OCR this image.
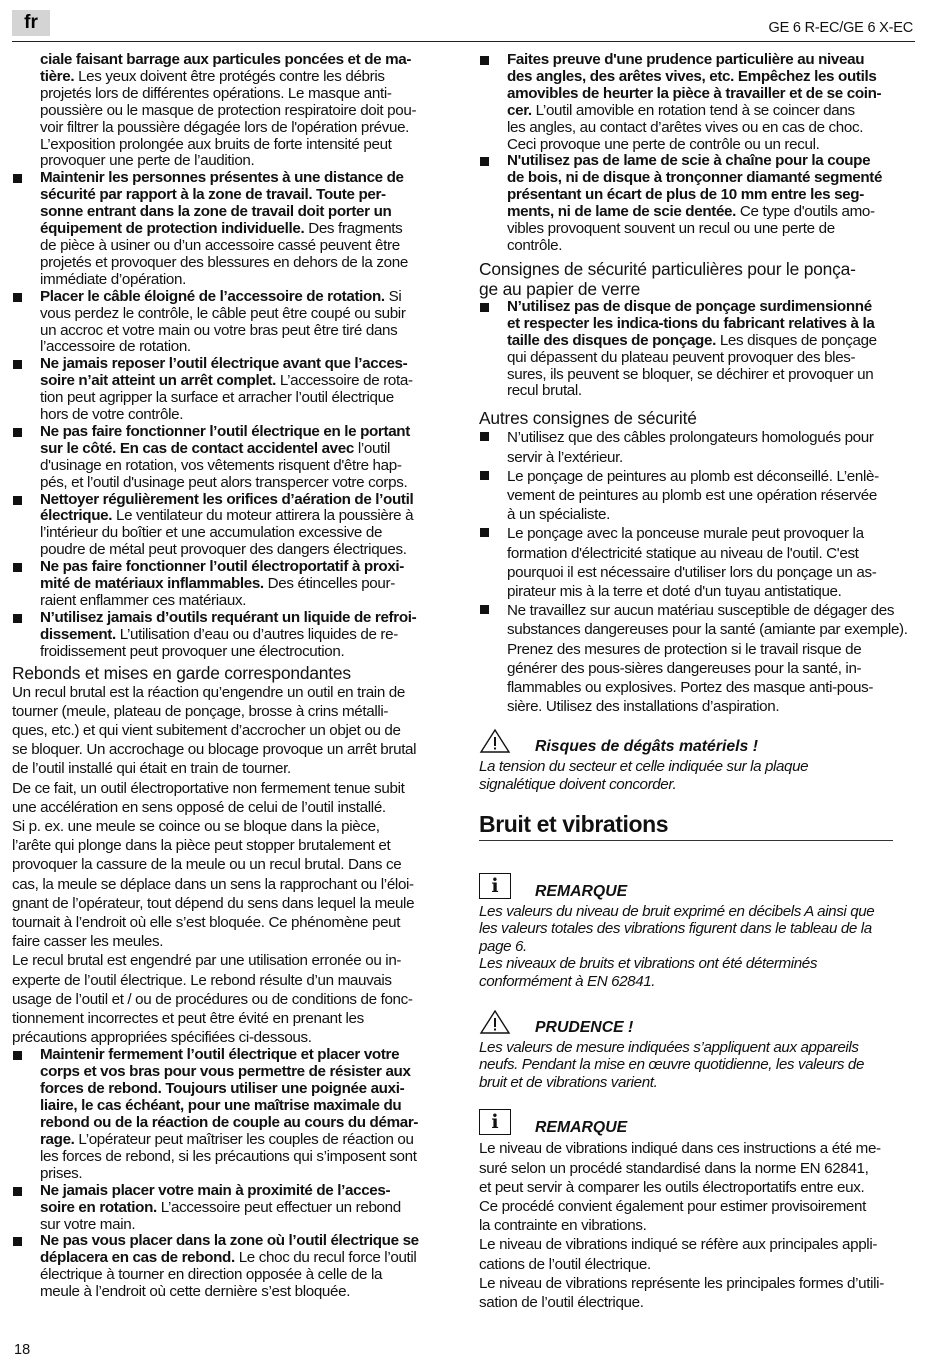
fr	GE 6 R-EC/GE 6 X-EC
ciale faisant barrage aux particules poncées et de ma-
tière. Les yeux doivent être protégés contre les débris
projetés lors de différentes opérations. Le masque anti-
poussière ou le masque de protection respiratoire doit pou-
voir filtrer la poussière dégagée lors de l'opération prévue.
L’exposition prolongée aux bruits de forte intensité peut
provoquer une perte de l’audition.
Maintenir les personnes présentes à une distance de
sécurité par rapport à la zone de travail. Toute per-
sonne entrant dans la zone de travail doit porter un
équipement de protection individuelle. Des fragments
de pièce à usiner ou d’un accessoire cassé peuvent être
projetés et provoquer des blessures en dehors de la zone
immédiate d’opération.
Placer le câble éloigné de l’accessoire de rotation. Si
vous perdez le contrôle, le câble peut être coupé ou subir
un accroc et votre main ou votre bras peut être tiré dans
l’accessoire de rotation.
Ne jamais reposer l’outil électrique avant que l’acces-
soire n’ait atteint un arrêt complet. L’accessoire de rota-
tion peut agripper la surface et arracher l’outil électrique
hors de votre contrôle.
Ne pas faire fonctionner l’outil électrique en le portant
sur le côté. En cas de contact accidentel avec l’outil
d'usinage en rotation, vos vêtements risquent d'être hap-
pés, et l’outil d'usinage peut alors transpercer votre corps.
Nettoyer régulièrement les orifices d’aération de l’outil
électrique. Le ventilateur du moteur attirera la poussière à
l’intérieur du boîtier et une accumulation excessive de
poudre de métal peut provoquer des dangers électriques.
Ne pas faire fonctionner l’outil électroportatif à proxi-
mité de matériaux inflammables. Des étincelles pour-
raient enflammer ces matériaux.
N’utilisez jamais d’outils requérant un liquide de refroi-
dissement. L’utilisation d’eau ou d’autres liquides de re-
froidissement peut provoquer une électrocution.
Rebonds et mises en garde correspondantes
Un recul brutal est la réaction qu’engendre un outil en train de
tourner (meule, plateau de ponçage, brosse à crins métalli-
ques, etc.) et qui vient subitement d’accrocher un objet ou de
se bloquer. Un accrochage ou blocage provoque un arrêt brutal
de l’outil installé qui était en train de tourner.
De ce fait, un outil électroportative non fermement tenue subit
une accélération en sens opposé de celui de l’outil installé.
Si p. ex. une meule se coince ou se bloque dans la pièce,
l’arête qui plonge dans la pièce peut stopper brutalement et
provoquer la cassure de la meule ou un recul brutal. Dans ce
cas, la meule se déplace dans un sens la rapprochant ou l’éloi-
gnant de l’opérateur, tout dépend du sens dans lequel la meule
tournait à l’endroit où elle s’est bloquée. Ce phénomène peut
faire casser les meules.
Le recul brutal est engendré par une utilisation erronée ou in-
experte de l’outil électrique. Le rebond résulte d’un mauvais
usage de l’outil et / ou de procédures ou de conditions de fonc-
tionnement incorrectes et peut être évité en prenant les
précautions appropriées spécifiées ci-dessous.
Maintenir fermement l’outil électrique et placer votre
corps et vos bras pour vous permettre de résister aux
forces de rebond. Toujours utiliser une poignée auxi-
liaire, le cas échéant, pour une maîtrise maximale du
rebond ou de la réaction de couple au cours du démar-
rage. L’opérateur peut maîtriser les couples de réaction ou
les forces de rebond, si les précautions qui s’imposent sont
prises.
Ne jamais placer votre main à proximité de l’acces-
soire en rotation. L’accessoire peut effectuer un rebond
sur votre main.
Ne pas vous placer dans la zone où l’outil électrique se
déplacera en cas de rebond. Le choc du recul force l’outil
électrique à tourner en direction opposée à celle de la
meule à l’endroit où cette dernière s’est bloquée.
Faites preuve d'une prudence particulière au niveau
des angles, des arêtes vives, etc. Empêchez les outils
amovibles de heurter la pièce à travailler et de se coin-
cer. L’outil amovible en rotation tend à se coincer dans
les angles, au contact d’arêtes vives ou en cas de choc.
Ceci provoque une perte de contrôle ou un recul.
N'utilisez pas de lame de scie à chaîne pour la coupe
de bois, ni de disque à tronçonner diamanté segmenté
présentant un écart de plus de 10 mm entre les seg-
ments, ni de lame de scie dentée. Ce type d'outils amo-
vibles provoquent souvent un recul ou une perte de
contrôle.
Consignes de sécurité particulières pour le ponça-
ge au papier de verre
N’utilisez pas de disque de ponçage surdimensionné
et respecter les indica-tions du fabricant relatives à la
taille des disques de ponçage. Les disques de ponçage
qui dépassent du plateau peuvent provoquer des bles-
sures, ils peuvent se bloquer, se déchirer et provoquer un
recul brutal.
Autres consignes de sécurité
N’utilisez que des câbles prolongateurs homologués pour
servir à l’extérieur.
Le ponçage de peintures au plomb est déconseillé. L’enlè-
vement de peintures au plomb est une opération réservée
à un spécialiste.
Le ponçage avec la ponceuse murale peut provoquer la
formation d'électricité statique au niveau de l'outil. C'est
pourquoi il est nécessaire d'utiliser lors du ponçage un as-
pirateur mis à la terre et doté d'un tuyau antistatique.
Ne travaillez sur aucun matériau susceptible de dégager des
substances dangereuses pour la santé (amiante par exemple).
Prenez des mesures de protection si le travail risque de
générer des pous-sières dangereuses pour la santé, in-
flammables ou explosives. Portez des masque anti-pous-
sière. Utilisez des installations d’aspiration.
Risques de dégâts matériels !
La tension du secteur et celle indiquée sur la plaque
signalétique doivent concorder.
Bruit et vibrations
i	REMARQUE
Les valeurs du niveau de bruit exprimé en décibels A ainsi que
les valeurs totales des vibrations figurent dans le tableau de la
page 6.
Les niveaux de bruits et vibrations ont été déterminés
conformément à EN 62841.
PRUDENCE !
Les valeurs de mesure indiquées s’appliquent aux appareils
neufs. Pendant la mise en œuvre quotidienne, les valeurs de
bruit et de vibrations varient.
i	REMARQUE
Le niveau de vibrations indiqué dans ces instructions a été me-
suré selon un procédé standardisé dans la norme EN 62841,
et peut servir à comparer les outils électroportatifs entre eux.
Ce procédé convient également pour estimer provisoirement
la contrainte en vibrations.
Le niveau de vibrations indiqué se réfère aux principales appli-
cations de l’outil électrique.
Le niveau de vibrations représente les principales formes d’utili-
sation de l’outil électrique.
18
